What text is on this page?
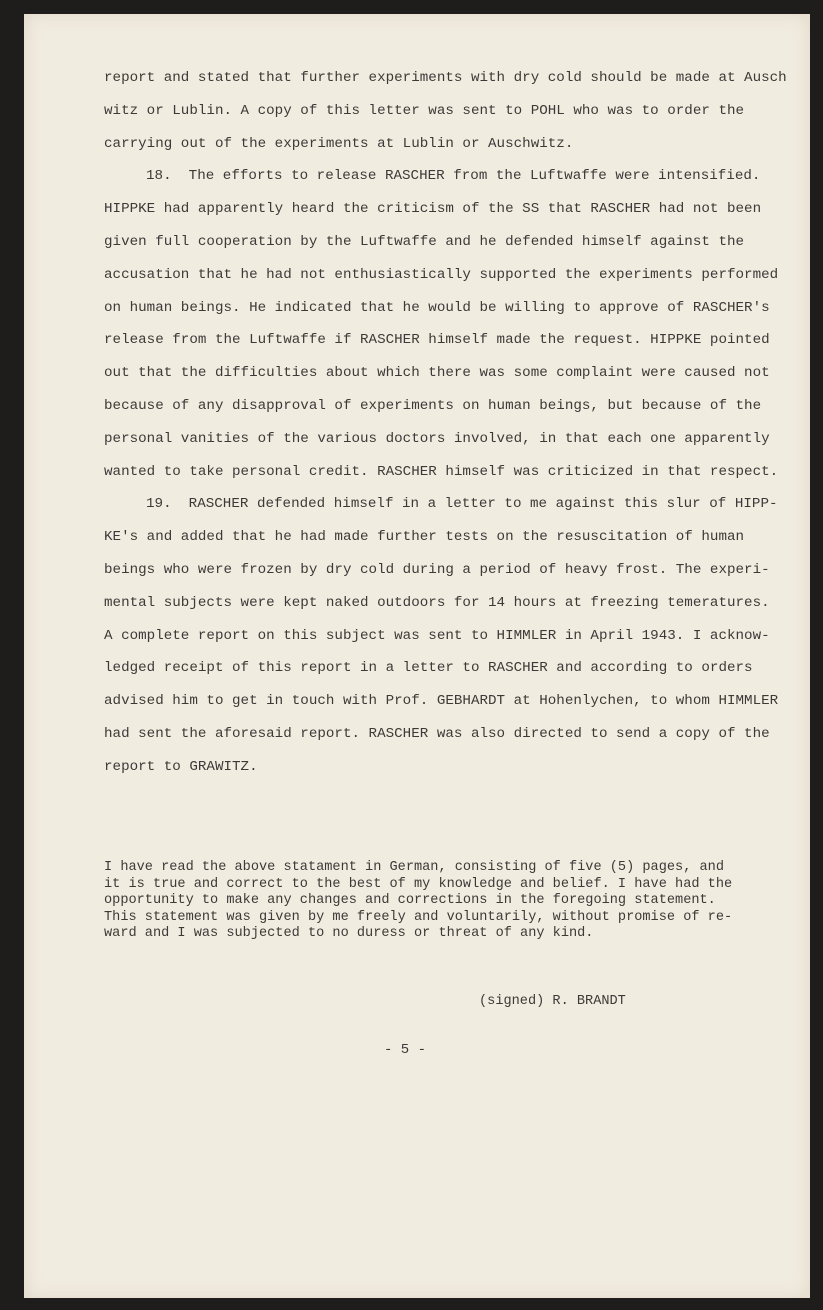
report and stated that further experiments with dry cold should be made at Ausch
witz or Lublin. A copy of this letter was sent to POHL who was to order the
carrying out of the experiments at Lublin or Auschwitz.
18.  The efforts to release RASCHER from the Luftwaffe were intensified.
HIPPKE had apparently heard the criticism of the SS that RASCHER had not been
given full cooperation by the Luftwaffe and he defended himself against the
accusation that he had not enthusiastically supported the experiments performed
on human beings. He indicated that he would be willing to approve of RASCHER's
release from the Luftwaffe if RASCHER himself made the request. HIPPKE pointed
out that the difficulties about which there was some complaint were caused not
because of any disapproval of experiments on human beings, but because of the
personal vanities of the various doctors involved, in that each one apparently
wanted to take personal credit. RASCHER himself was criticized in that respect.
19.  RASCHER defended himself in a letter to me against this slur of HIPP-
KE's and added that he had made further tests on the resuscitation of human
beings who were frozen by dry cold during a period of heavy frost. The experi-
mental subjects were kept naked outdoors for 14 hours at freezing temeratures.
A complete report on this subject was sent to HIMMLER in April 1943. I acknow-
ledged receipt of this report in a letter to RASCHER and according to orders
advised him to get in touch with Prof. GEBHARDT at Hohenlychen, to whom HIMMLER
had sent the aforesaid report. RASCHER was also directed to send a copy of the
report to GRAWITZ.
I have read the above statament in German, consisting of five (5) pages, and
it is true and correct to the best of my knowledge and belief. I have had the
opportunity to make any changes and corrections in the foregoing statement.
This statement was given by me freely and voluntarily, without promise of re-
ward and I was subjected to no duress or threat of any kind.
(signed) R. BRANDT
- 5 -
